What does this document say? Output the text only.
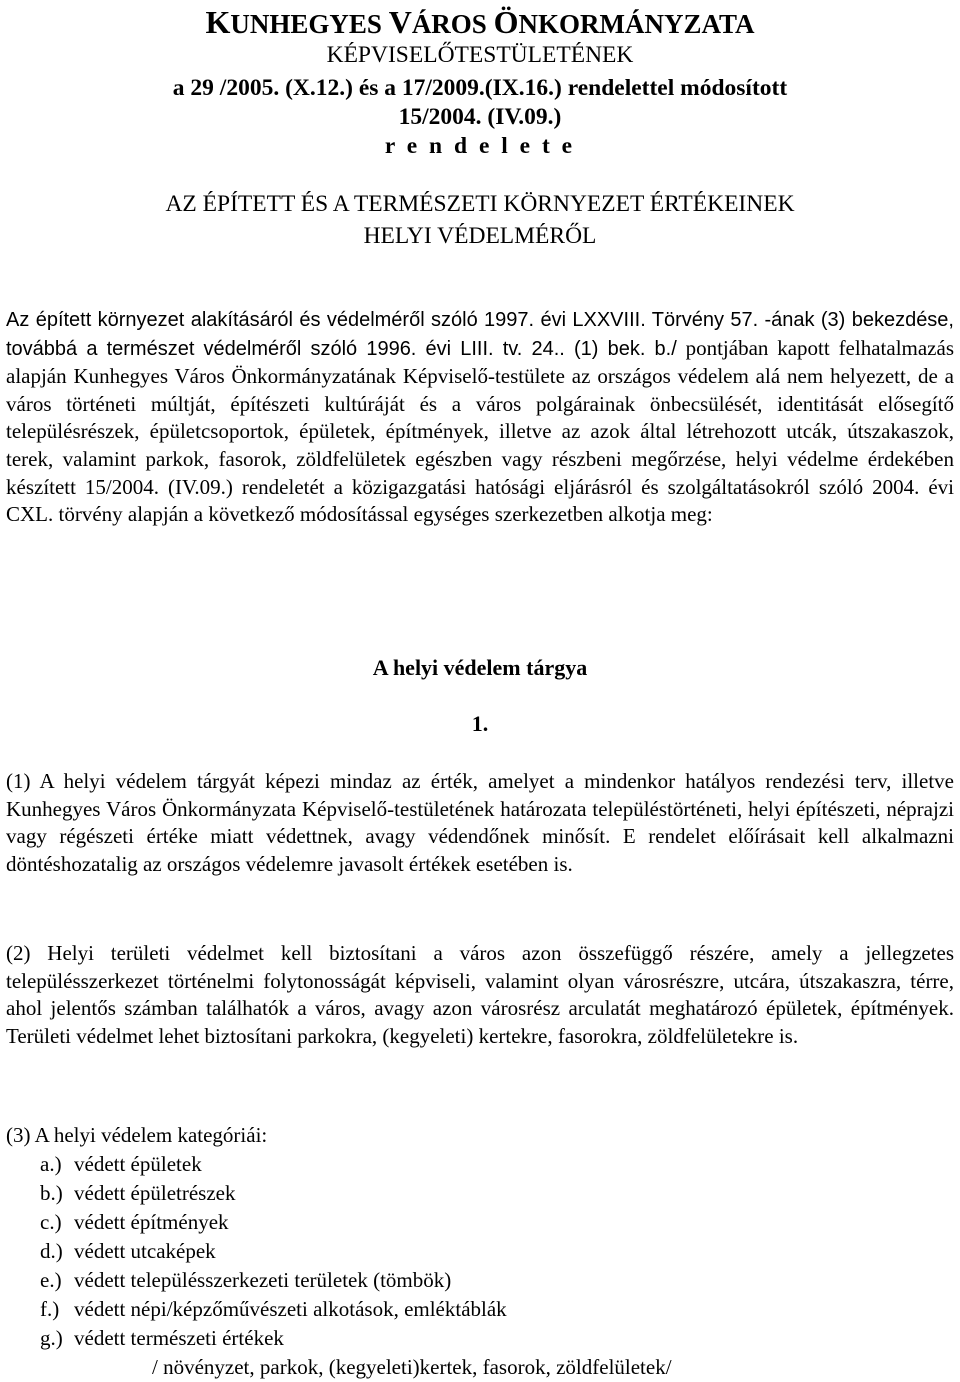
KUNHEGYES VÁROS ÖNKORMÁNYZATA
KÉPVISELŐTESTÜLETÉNEK
a 29 /2005. (X.12.) és a 17/2009.(IX.16.) rendelettel módosított
15/2004. (IV.09.)
r e n d e l e t e
AZ ÉPÍTETT ÉS A TERMÉSZETI KÖRNYEZET ÉRTÉKEINEK
HELYI VÉDELMÉRŐL
Az épített környezet alakításáról és védelméről szóló 1997. évi LXXVIII. Törvény 57. -ának (3) bekezdése, továbbá a természet védelméről szóló 1996. évi LIII. tv. 24.. (1) bek. b./ pontjában kapott felhatalmazás alapján Kunhegyes Város Önkormányzatának Képviselő-testülete az országos védelem alá nem helyezett, de a város történeti múltját, építészeti kultúráját és a város polgárainak önbecsülését, identitását elősegítő településrészek, épületcsoportok, épületek, építmények, illetve az azok által létrehozott utcák, útszakaszok, terek, valamint parkok, fasorok, zöldfelületek egészben vagy részbeni megőrzése, helyi védelme érdekében készített 15/2004. (IV.09.) rendeletét a közigazgatási hatósági eljárásról és szolgáltatásokról szóló 2004. évi CXL. törvény alapján a következő módosítással egységes szerkezetben alkotja meg:
A helyi védelem tárgya
1.
(1) A helyi védelem tárgyát képezi mindaz az érték, amelyet a mindenkor hatályos rendezési terv, illetve Kunhegyes Város Önkormányzata Képviselő-testületének határozata településtörténeti, helyi építészeti, néprajzi vagy régészeti értéke miatt védettnek, avagy védendőnek minősít. E rendelet előírásait kell alkalmazni döntéshozatalig az országos védelemre javasolt értékek esetében is.
(2) Helyi területi védelmet kell biztosítani a város azon összefüggő részére, amely a jellegzetes településszerkezet történelmi folytonosságát képviseli, valamint olyan városrészre, utcára, útszakaszra, térre, ahol jelentős számban találhatók a város, avagy azon városrész arculatát meghatározó épületek, építmények. Területi védelmet lehet biztosítani parkokra, (kegyeleti) kertekre, fasorokra, zöldfelületekre is.
(3) A helyi védelem kategóriái:
a.) védett épületek
b.) védett épületrészek
c.) védett építmények
d.) védett utcaképek
e.) védett településszerkezeti területek (tömbök)
f.) védett népi/képzőművészeti alkotások, emléktáblák
g.) védett természeti értékek
/ növényzet, parkok, (kegyeleti)kertek, fasorok, zöldfelületek/
